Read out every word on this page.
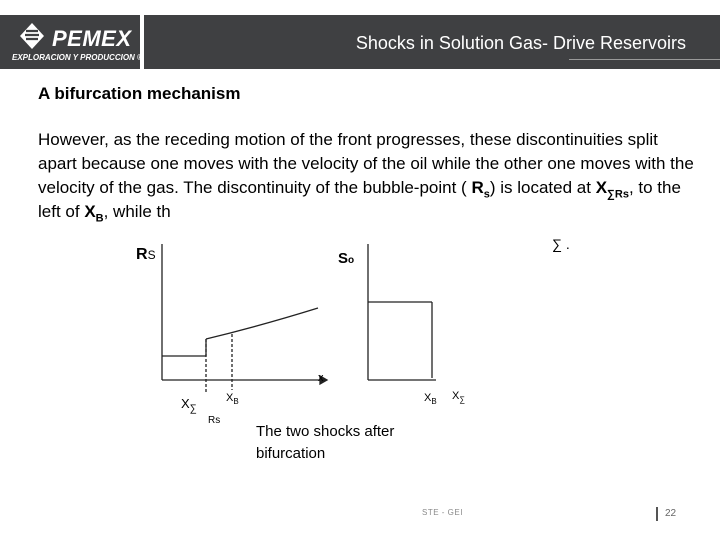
PEMEX
EXPLORACION Y PRODUCCION ®
Shocks in Solution Gas- Drive Reservoirs
A bifurcation mechanism
However, as the receding motion of the front progresses, these discontinuities split apart because one moves with the velocity of the oil while the other one moves with the velocity of the gas. The discontinuity of the bubble-point ( $R_s$) is located at $X_{\sum Rs}$, to the left of $X_B$, while th
∑ .
RS	So
x
$X_\sum$
Rs
$X_B$	$X_B$ $X_\sum$
The two shocks after bifurcation
STE - GEI	22
